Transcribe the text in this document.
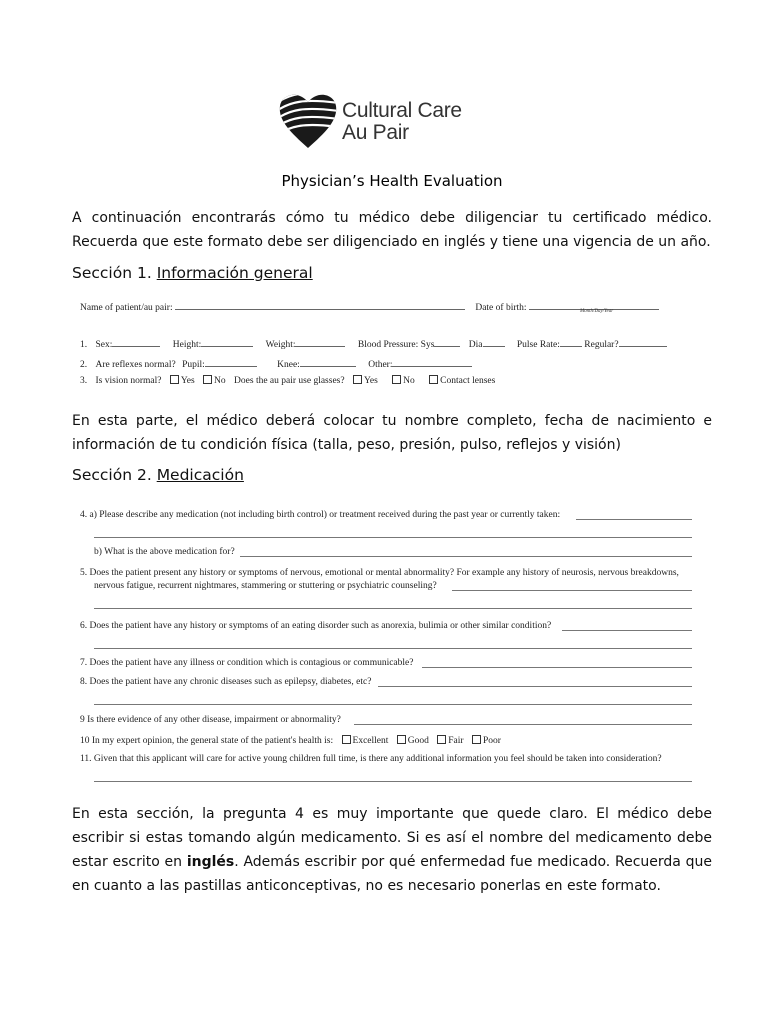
Cultural Care
Au Pair
Physician’s Health Evaluation
A continuación encontrarás cómo tu médico debe diligenciar tu certificado médico. Recuerda que este formato debe ser diligenciado en inglés y tiene una vigencia de un año.
Sección 1. Información general
Name of patient/au pair:	Date of birth:	Month/Day/Year
1. Sex:	Height:	Weight:	Blood Pressure: Sys	Dia	Pulse Rate:	Regular?
2. Are reflexes normal? Pupil:	Knee:	Other:
3. Is vision normal? Yes No Does the au pair use glasses? Yes	No	Contact lenses
En esta parte, el médico deberá colocar tu nombre completo, fecha de nacimiento e información de tu condición física (talla, peso, presión, pulso, reflejos y visión)
Sección 2. Medicación
4. a) Please describe any medication (not including birth control) or treatment received during the past year or currently taken:
b) What is the above medication for?
5. Does the patient present any history or symptoms of nervous, emotional or mental abnormality? For example any history of neurosis, nervous breakdowns,
nervous fatigue, recurrent nightmares, stammering or stuttering or psychiatric counseling?
6. Does the patient have any history or symptoms of an eating disorder such as anorexia, bulimia or other similar condition?
7. Does the patient have any illness or condition which is contagious or communicable?
8. Does the patient have any chronic diseases such as epilepsy, diabetes, etc?
9 Is there evidence of any other disease, impairment or abnormality?
10 In my expert opinion, the general state of the patient's health is: Excellent Good Fair Poor
11. Given that this applicant will care for active young children full time, is there any additional information you feel should be taken into consideration?
En esta sección, la pregunta 4 es muy importante que quede claro. El médico debe escribir si estas tomando algún medicamento. Si es así el nombre del medicamento debe estar escrito en inglés. Además escribir por qué enfermedad fue medicado. Recuerda que en cuanto a las pastillas anticonceptivas, no es necesario ponerlas en este formato.
